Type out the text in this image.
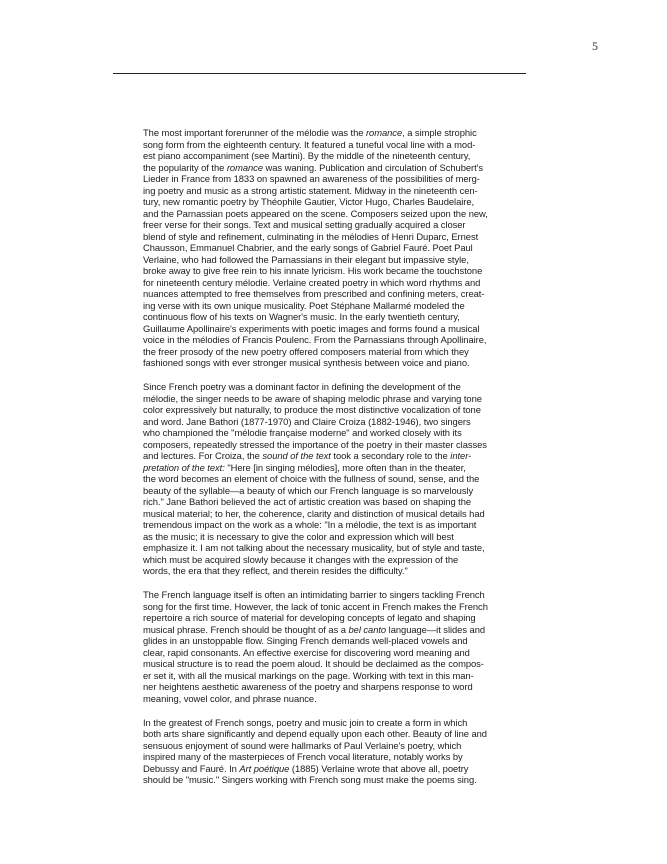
5
The most important forerunner of the mélodie was the romance, a simple strophic
song form from the eighteenth century. It featured a tuneful vocal line with a mod-
est piano accompaniment (see Martini). By the middle of the nineteenth century,
the popularity of the romance was waning. Publication and circulation of Schubert's
Lieder in France from 1833 on spawned an awareness of the possibilities of merg-
ing poetry and music as a strong artistic statement. Midway in the nineteenth cen-
tury, new romantic poetry by Théophile Gautier, Victor Hugo, Charles Baudelaire,
and the Parnassian poets appeared on the scene. Composers seized upon the new,
freer verse for their songs. Text and musical setting gradually acquired a closer
blend of style and refinement, culminating in the mélodies of Henri Duparc, Ernest
Chausson, Emmanuel Chabrier, and the early songs of Gabriel Fauré. Poet Paul
Verlaine, who had followed the Parnassians in their elegant but impassive style,
broke away to give free rein to his innate lyricism. His work became the touchstone
for nineteenth century mélodie. Verlaine created poetry in which word rhythms and
nuances attempted to free themselves from prescribed and confining meters, creat-
ing verse with its own unique musicality. Poet Stéphane Mallarmé modeled the
continuous flow of his texts on Wagner's music. In the early twentieth century,
Guillaume Apollinaire's experiments with poetic images and forms found a musical
voice in the mélodies of Francis Poulenc. From the Parnassians through Apollinaire,
the freer prosody of the new poetry offered composers material from which they
fashioned songs with ever stronger musical synthesis between voice and piano.
Since French poetry was a dominant factor in defining the development of the
mélodie, the singer needs to be aware of shaping melodic phrase and varying tone
color expressively but naturally, to produce the most distinctive vocalization of tone
and word. Jane Bathori (1877-1970) and Claire Croiza (1882-1946), two singers
who championed the "mélodie française moderne" and worked closely with its
composers, repeatedly stressed the importance of the poetry in their master classes
and lectures. For Croiza, the sound of the text took a secondary role to the inter-
pretation of the text: "Here [in singing mélodies], more often than in the theater,
the word becomes an element of choice with the fullness of sound, sense, and the
beauty of the syllable—a beauty of which our French language is so marvelously
rich." Jane Bathori believed the act of artistic creation was based on shaping the
musical material; to her, the coherence, clarity and distinction of musical details had
tremendous impact on the work as a whole: "In a mélodie, the text is as important
as the music; it is necessary to give the color and expression which will best
emphasize it. I am not talking about the necessary musicality, but of style and taste,
which must be acquired slowly because it changes with the expression of the
words, the era that they reflect, and therein resides the difficulty."
The French language itself is often an intimidating barrier to singers tackling French
song for the first time. However, the lack of tonic accent in French makes the French
repertoire a rich source of material for developing concepts of legato and shaping
musical phrase. French should be thought of as a bel canto language—it slides and
glides in an unstoppable flow. Singing French demands well-placed vowels and
clear, rapid consonants. An effective exercise for discovering word meaning and
musical structure is to read the poem aloud. It should be declaimed as the compos-
er set it, with all the musical markings on the page. Working with text in this man-
ner heightens aesthetic awareness of the poetry and sharpens response to word
meaning, vowel color, and phrase nuance.
In the greatest of French songs, poetry and music join to create a form in which
both arts share significantly and depend equally upon each other. Beauty of line and
sensuous enjoyment of sound were hallmarks of Paul Verlaine's poetry, which
inspired many of the masterpieces of French vocal literature, notably works by
Debussy and Fauré. In Art poétique (1885) Verlaine wrote that above all, poetry
should be "music." Singers working with French song must make the poems sing.
